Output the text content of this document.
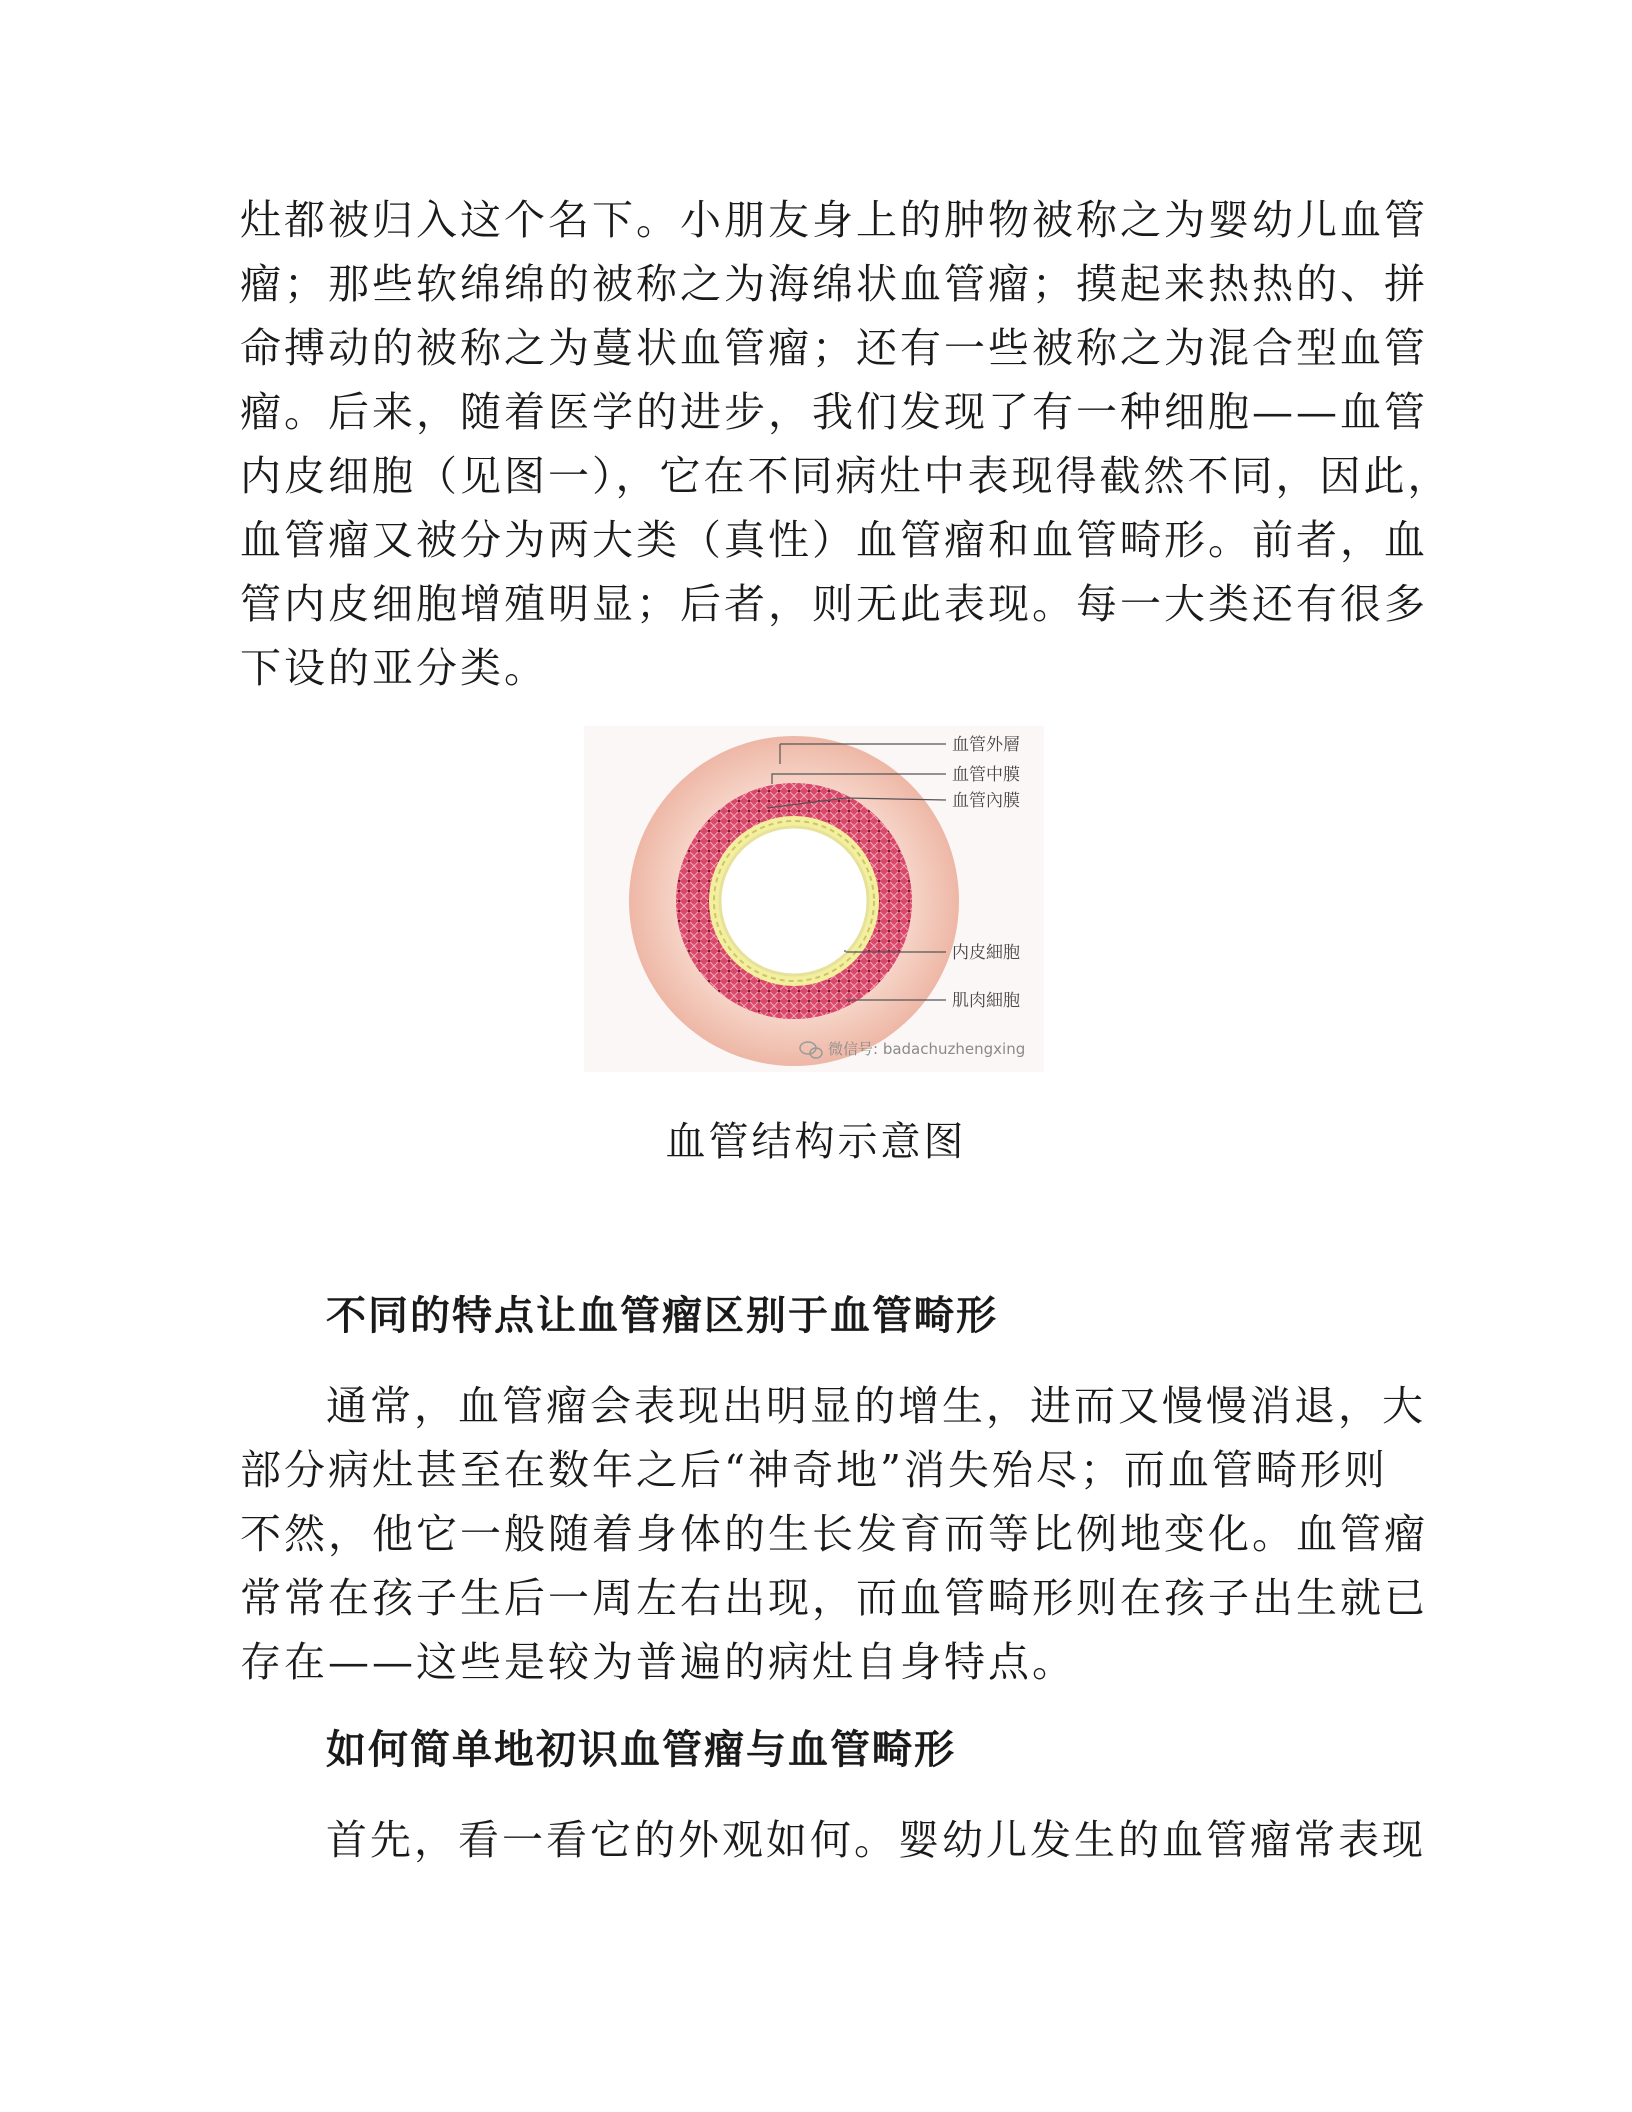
灶都被归入这个名下。小朋友身上的肿物被称之为婴幼儿血管
瘤；那些软绵绵的被称之为海绵状血管瘤；摸起来热热的、拼
命搏动的被称之为蔓状血管瘤；还有一些被称之为混合型血管
瘤。后来，随着医学的进步，我们发现了有一种细胞——血管
内皮细胞（见图一），它在不同病灶中表现得截然不同，因此，
血管瘤又被分为两大类（真性）血管瘤和血管畸形。前者，血
管内皮细胞增殖明显；后者，则无此表现。每一大类还有很多
下设的亚分类。
血管外層
血管中膜
血管內膜
内皮細胞
肌肉細胞
微信号: badachuzhengxing
血管结构示意图
不同的特点让血管瘤区别于血管畸形
通常，血管瘤会表现出明显的增生，进而又慢慢消退，大
部分病灶甚至在数年之后“神奇地”消失殆尽；而血管畸形则
不然，他它一般随着身体的生长发育而等比例地变化。血管瘤
常常在孩子生后一周左右出现，而血管畸形则在孩子出生就已
存在——这些是较为普遍的病灶自身特点。
如何简单地初识血管瘤与血管畸形
首先，看一看它的外观如何。婴幼儿发生的血管瘤常表现
